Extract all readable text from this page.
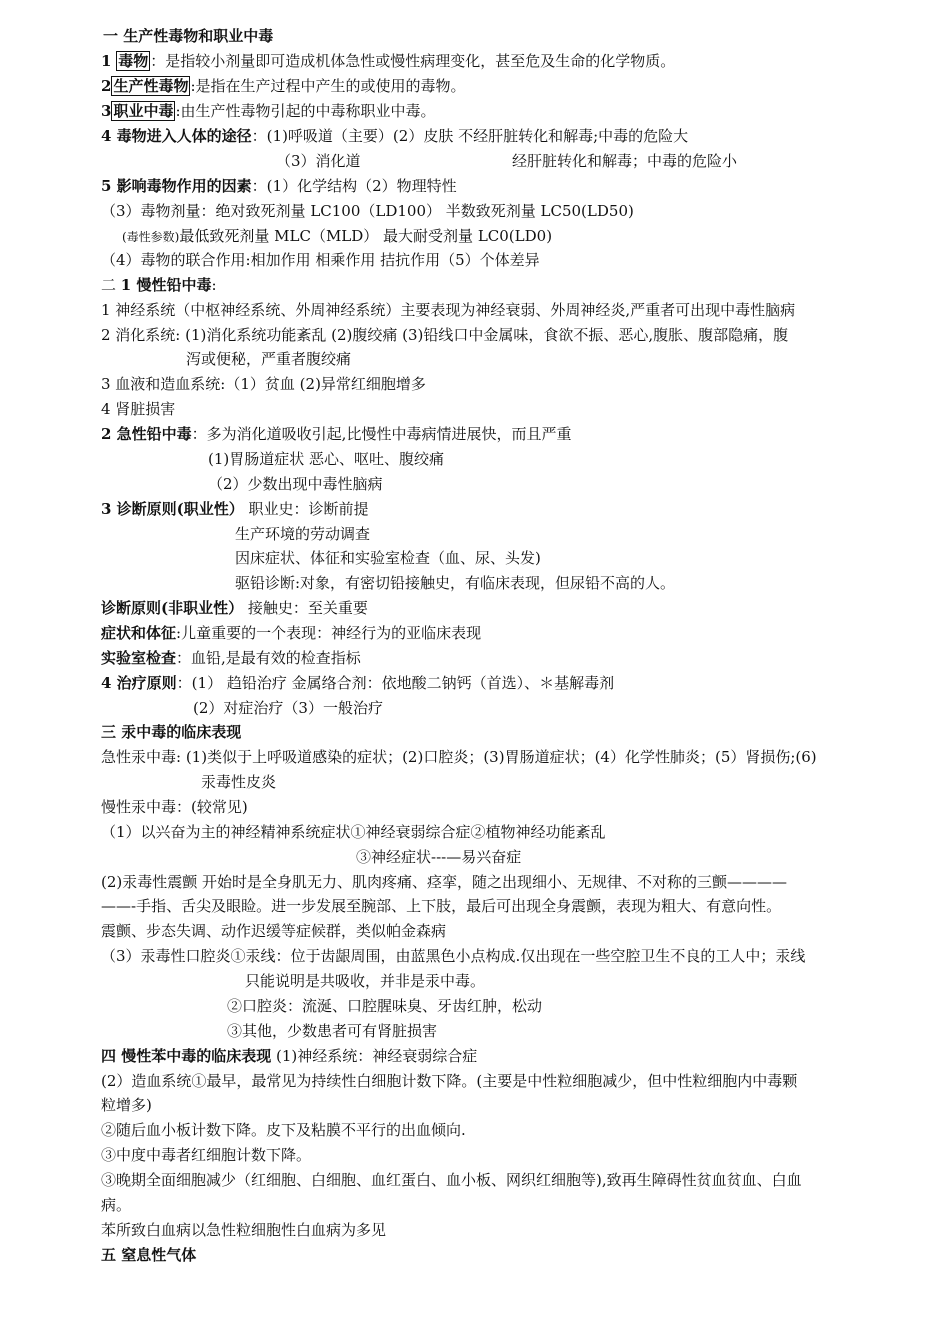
一 生产性毒物和职业中毒
1 毒物 ：是指较小剂量即可造成机体急性或慢性病理变化，甚至危及生命的化学物质。
2 生产性毒物 :是指在生产过程中产生的或使用的毒物。
3 职业中毒 :由生产性毒物引起的中毒称职业中毒。
4 毒物进入人体的途径：(1)呼吸道（主要）(2）皮肤 不经肝脏转化和解毒;中毒的危险大
（3）消化道	经肝脏转化和解毒；中毒的危险小
5 影响毒物作用的因素：(1）化学结构（2）物理特性
（3）毒物剂量：绝对致死剂量 LC100（LD100） 半数致死剂量 LC50(LD50)
(毒性参数)最低致死剂量 MLC（MLD） 最大耐受剂量 LC0(LD0)
（4）毒物的联合作用:相加作用 相乘作用 拮抗作用（5）个体差异
二 1 慢性铅中毒:
1 神经系统（中枢神经系统、外周神经系统）主要表现为神经衰弱、外周神经炎,严重者可出现中毒性脑病
2 消化系统: (1)消化系统功能紊乱 (2)腹绞痛 (3)铅线口中金属味，食欲不振、恶心,腹胀、腹部隐痛，腹
泻或便秘，严重者腹绞痛
3 血液和造血系统:（1）贫血 (2)异常红细胞增多
4 肾脏损害
2 急性铅中毒：多为消化道吸收引起,比慢性中毒病情进展快，而且严重
(1)胃肠道症状 恶心、呕吐、腹绞痛
（2）少数出现中毒性脑病
3 诊断原则(职业性） 职业史：诊断前提
生产环境的劳动调查
因床症状、体征和实验室检查（血、尿、头发)
驱铅诊断:对象，有密切铅接触史，有临床表现，但尿铅不高的人。
诊断原则(非职业性） 接触史：至关重要
症状和体征:儿童重要的一个表现：神经行为的亚临床表现
实验室检查：血铅,是最有效的检查指标
4 治疗原则：(1） 趋铅治疗 金属络合剂：依地酸二钠钙（首选）、＊基解毒剂
(2）对症治疗（3）一般治疗
三 汞中毒的临床表现
急性汞中毒: (1)类似于上呼吸道感染的症状；(2)口腔炎；(3)胃肠道症状；(4）化学性肺炎；(5）肾损伤;(6)
汞毒性皮炎
慢性汞中毒：(较常见)
（1）以兴奋为主的神经精神系统症状①神经衰弱综合症②植物神经功能紊乱
③神经症状---—易兴奋症
(2)汞毒性震颤 开始时是全身肌无力、肌肉疼痛、痉挛，随之出现细小、无规律、不对称的三颤————
——-手指、舌尖及眼睑。进一步发展至腕部、上下肢，最后可出现全身震颤，表现为粗大、有意向性。
震颤、步态失调、动作迟缓等症候群，类似帕金森病
（3）汞毒性口腔炎①汞线：位于齿龈周围，由蓝黑色小点构成.仅出现在一些空腔卫生不良的工人中；汞线
只能说明是共吸收，并非是汞中毒。
②口腔炎：流涎、口腔腥味臭、牙齿红肿，松动
③其他，少数患者可有肾脏损害
四 慢性苯中毒的临床表现 (1)神经系统：神经衰弱综合症
(2）造血系统①最早，最常见为持续性白细胞计数下降。(主要是中性粒细胞减少，但中性粒细胞内中毒颗
粒增多)
②随后血小板计数下降。皮下及粘膜不平行的出血倾向.
③中度中毒者红细胞计数下降。
③晚期全面细胞减少（红细胞、白细胞、血红蛋白、血小板、网织红细胞等),致再生障碍性贫血贫血、白血
病。
苯所致白血病以急性粒细胞性白血病为多见
五 窒息性气体
